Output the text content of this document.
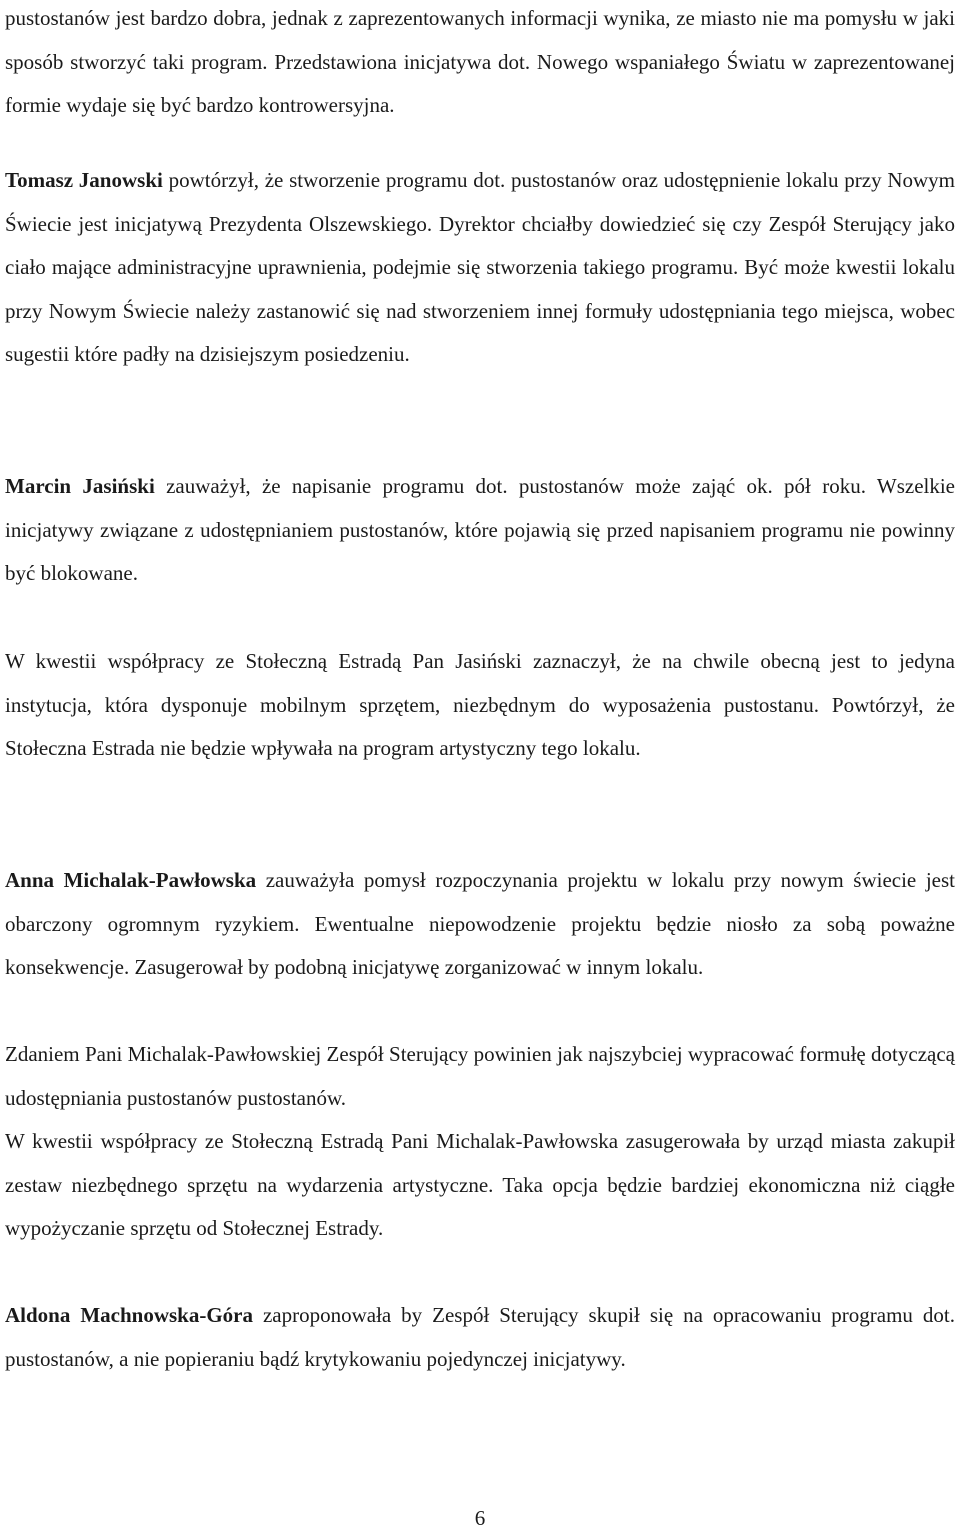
pustostanów jest bardzo dobra, jednak z zaprezentowanych informacji wynika, ze miasto nie ma pomysłu w jaki sposób stworzyć taki program. Przedstawiona inicjatywa dot. Nowego wspaniałego Światu w zaprezentowanej formie wydaje się być bardzo kontrowersyjna.

Tomasz Janowski powtórzył, że stworzenie programu dot. pustostanów oraz udostępnienie lokalu przy Nowym Świecie jest inicjatywą Prezydenta Olszewskiego. Dyrektor chciałby dowiedzieć się czy Zespół Sterujący jako ciało mające administracyjne uprawnienia, podejmie się stworzenia takiego programu. Być może kwestii lokalu przy Nowym Świecie należy zastanowić się nad stworzeniem innej formuły udostępniania tego miejsca, wobec sugestii które padły na dzisiejszym posiedzeniu.

Marcin Jasiński zauważył, że napisanie programu dot. pustostanów może zająć ok. pół roku. Wszelkie inicjatywy związane z udostępnianiem pustostanów, które pojawią się przed napisaniem programu nie powinny być blokowane.

W kwestii współpracy ze Stołeczną Estradą Pan Jasiński zaznaczył, że na chwile obecną jest to jedyna instytucja, która dysponuje mobilnym sprzętem, niezbędnym do wyposażenia pustostanu. Powtórzył, że Stołeczna Estrada nie będzie wpływała na program artystyczny tego lokalu.

Anna Michalak-Pawłowska zauważyła pomysł rozpoczynania projektu w lokalu przy nowym świecie jest obarczony ogromnym ryzykiem. Ewentualne niepowodzenie projektu będzie niosło za sobą poważne konsekwencje. Zasugerował by podobną inicjatywę zorganizować w innym lokalu.

Zdaniem Pani Michalak-Pawłowskiej Zespół Sterujący powinien jak najszybciej wypracować formułę dotyczącą udostępniania pustostanów pustostanów.

W kwestii współpracy ze Stołeczną Estradą Pani Michalak-Pawłowska zasugerowała by urząd miasta zakupił zestaw niezbędnego sprzętu na wydarzenia artystyczne. Taka opcja będzie bardziej ekonomiczna niż ciągłe wypożyczanie sprzętu od Stołecznej Estrady.

Aldona Machnowska-Góra zaproponowała by Zespół Sterujący skupił się na opracowaniu programu dot. pustostanów, a nie popieraniu bądź krytykowaniu pojedynczej inicjatywy.

6
